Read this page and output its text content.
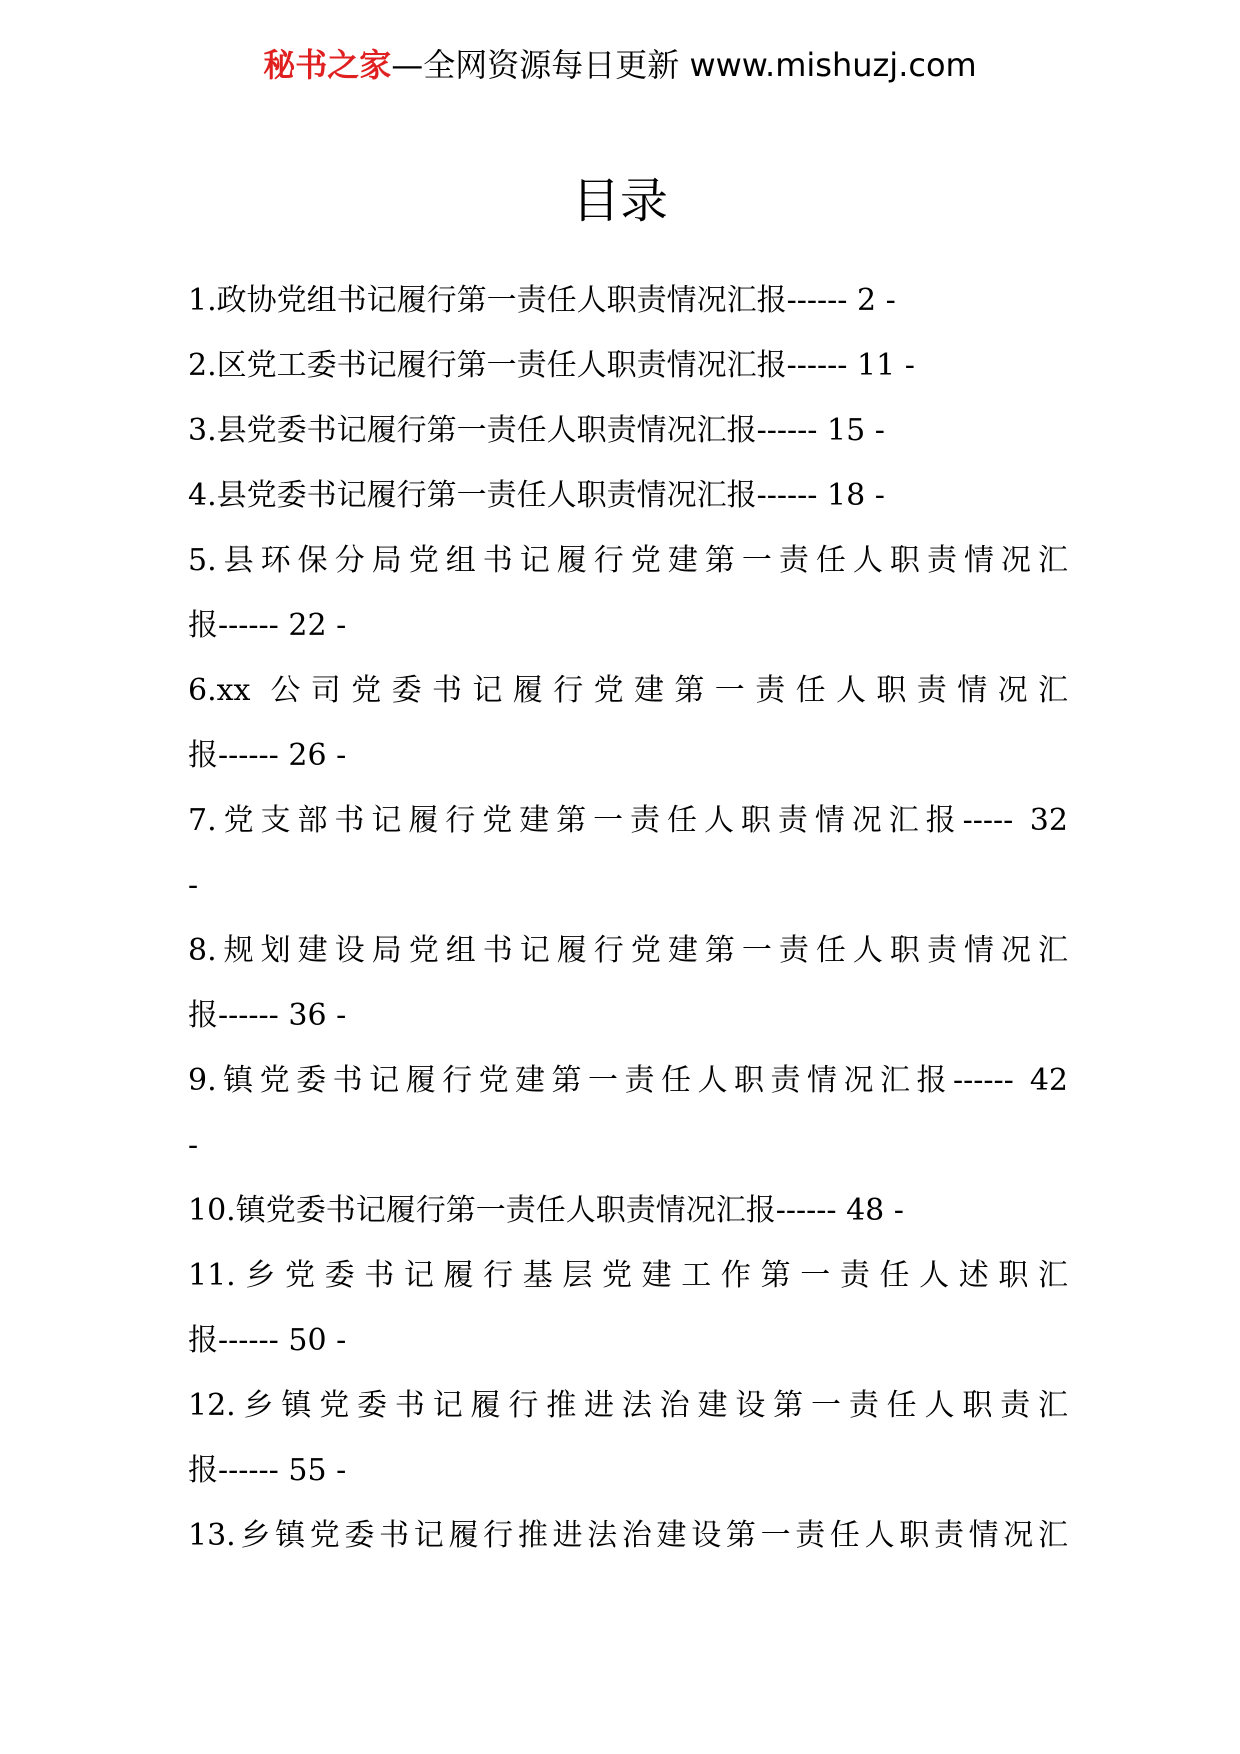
秘书之家—全网资源每日更新 www.mishuzj.com
目录
1.政协党组书记履行第一责任人职责情况汇报------ 2 -
2.区党工委书记履行第一责任人职责情况汇报------ 11 -
3.县党委书记履行第一责任人职责情况汇报------ 15 -
4.县党委书记履行第一责任人职责情况汇报------ 18 -
5.县环保分局党组书记履行党建第一责任人职责情况汇
报------ 22 -
6.xx 公司党委书记履行党建第一责任人职责情况汇
报------ 26 -
7.党支部书记履行党建第一责任人职责情况汇报----- 32
-
8.规划建设局党组书记履行党建第一责任人职责情况汇
报------ 36 -
9.镇党委书记履行党建第一责任人职责情况汇报------ 42
-
10.镇党委书记履行第一责任人职责情况汇报------ 48 -
11.乡党委书记履行基层党建工作第一责任人述职汇
报------ 50 -
12.乡镇党委书记履行推进法治建设第一责任人职责汇
报------ 55 -
13.乡镇党委书记履行推进法治建设第一责任人职责情况汇
